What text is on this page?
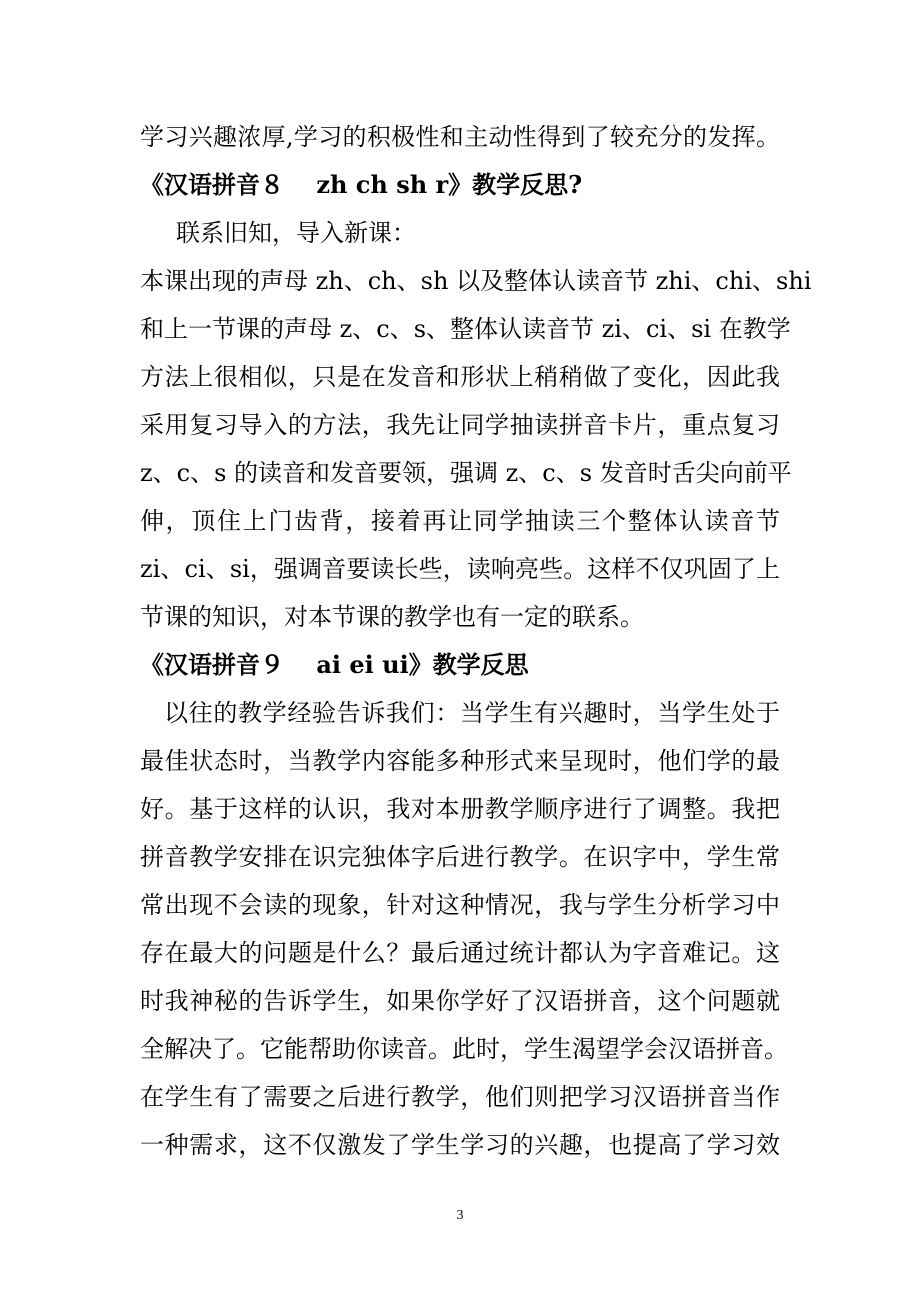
学习兴趣浓厚,学习的积极性和主动性得到了较充分的发挥。
《汉语拼音８　 zh ch sh r》教学反思?
联系旧知，导入新课：
本课出现的声母 zh、ch、sh 以及整体认读音节 zhi、chi、shi
和上一节课的声母 z、c、s、整体认读音节 zi、ci、si 在教学
方法上很相似，只是在发音和形状上稍稍做了变化，因此我
采用复习导入的方法，我先让同学抽读拼音卡片，重点复习
z、c、s 的读音和发音要领，强调 z、c、s 发音时舌尖向前平
伸，顶住上门齿背，接着再让同学抽读三个整体认读音节
zi、ci、si，强调音要读长些，读响亮些。这样不仅巩固了上
节课的知识，对本节课的教学也有一定的联系。
《汉语拼音９　 ai ei ui》教学反思
以往的教学经验告诉我们：当学生有兴趣时，当学生处于
最佳状态时，当教学内容能多种形式来呈现时，他们学的最
好。基于这样的认识，我对本册教学顺序进行了调整。我把
拼音教学安排在识完独体字后进行教学。在识字中，学生常
常出现不会读的现象，针对这种情况，我与学生分析学习中
存在最大的问题是什么？最后通过统计都认为字音难记。这
时我神秘的告诉学生，如果你学好了汉语拼音，这个问题就
全解决了。它能帮助你读音。此时，学生渴望学会汉语拼音。
在学生有了需要之后进行教学，他们则把学习汉语拼音当作
一种需求，这不仅激发了学生学习的兴趣，也提高了学习效
3
